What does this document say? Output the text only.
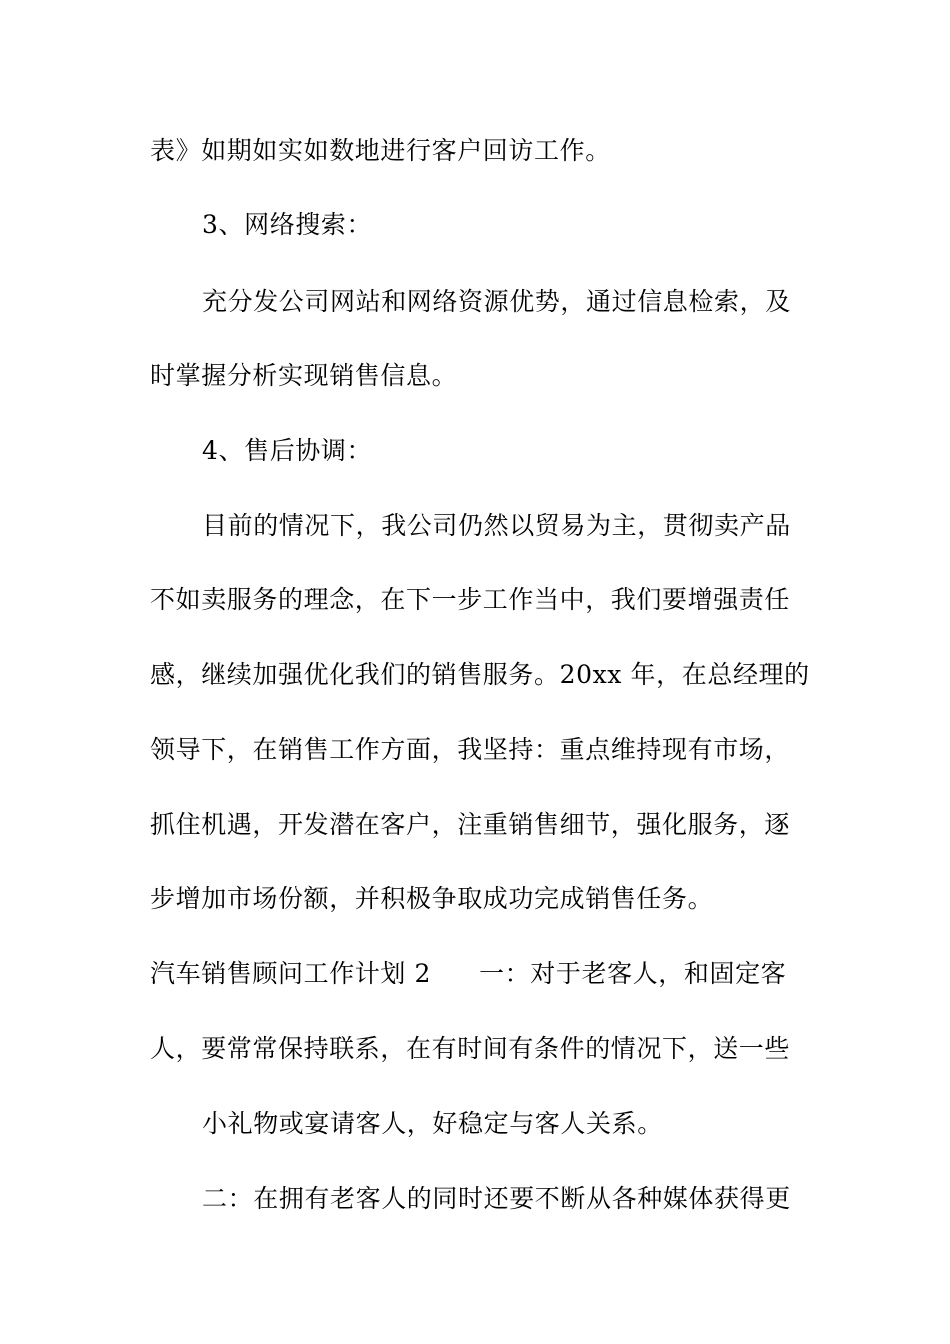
表》如期如实如数地进行客户回访工作。
3、网络搜索：
充分发公司网站和网络资源优势，通过信息检索，及
时掌握分析实现销售信息。
4、售后协调：
目前的情况下，我公司仍然以贸易为主，贯彻卖产品
不如卖服务的理念，在下一步工作当中，我们要增强责任
感，继续加强优化我们的销售服务。20xx 年，在总经理的
领导下，在销售工作方面，我坚持：重点维持现有市场，
抓住机遇，开发潜在客户，注重销售细节，强化服务，逐
步增加市场份额，并积极争取成功完成销售任务。
汽车销售顾问工作计划 2 一：对于老客人，和固定客
人，要常常保持联系，在有时间有条件的情况下，送一些
小礼物或宴请客人，好稳定与客人关系。
二：在拥有老客人的同时还要不断从各种媒体获得更
